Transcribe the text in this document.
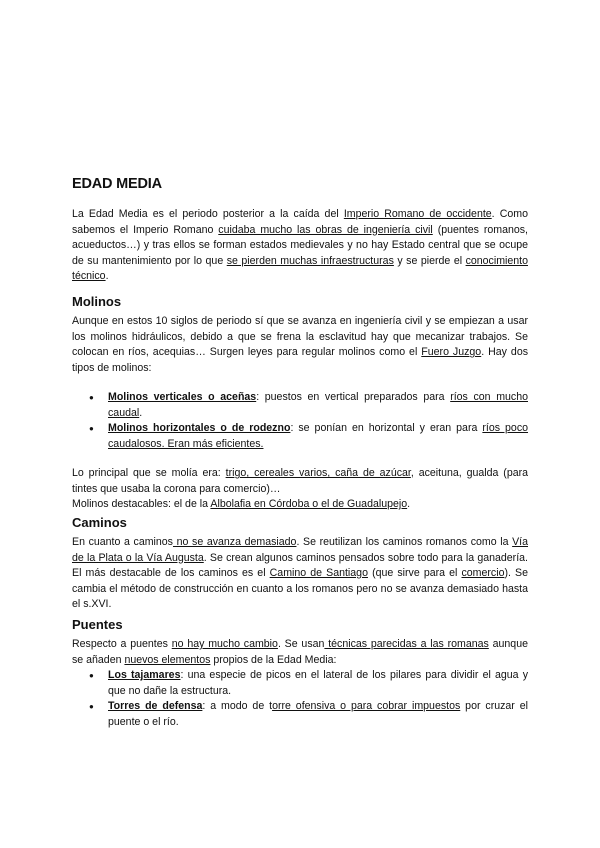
EDAD MEDIA

La Edad Media es el periodo posterior a la caída del Imperio Romano de occidente. Como sabemos el Imperio Romano cuidaba mucho las obras de ingeniería civil (puentes romanos, acueductos…) y tras ellos se forman estados medievales y no hay Estado central que se ocupe de su mantenimiento por lo que se pierden muchas infraestructuras y se pierde el conocimiento técnico.

Molinos

Aunque en estos 10 siglos de periodo sí que se avanza en ingeniería civil y se empiezan a usar los molinos hidráulicos, debido a que se frena la esclavitud hay que mecanizar trabajos. Se colocan en ríos, acequias… Surgen leyes para regular molinos como el Fuero Juzgo. Hay dos tipos de molinos:

● Molinos verticales o aceñas: puestos en vertical preparados para ríos con mucho caudal.
● Molinos horizontales o de rodezno: se ponían en horizontal y eran para ríos poco caudalosos. Eran más eficientes.

Lo principal que se molía era: trigo, cereales varios, caña de azúcar, aceituna, gualda (para tintes que usaba la corona para comercio)…

Molinos destacables: el de la Albolafia en Córdoba o el de Guadalupejo.

Caminos

En cuanto a caminos no se avanza demasiado. Se reutilizan los caminos romanos como la Vía de la Plata o la Vía Augusta. Se crean algunos caminos pensados sobre todo para la ganadería. El más destacable de los caminos es el Camino de Santiago (que sirve para el comercio). Se cambia el método de construcción en cuanto a los romanos pero no se avanza demasiado hasta el s.XVI.

Puentes

Respecto a puentes no hay mucho cambio. Se usan técnicas parecidas a las romanas aunque se añaden nuevos elementos propios de la Edad Media:

● Los tajamares: una especie de picos en el lateral de los pilares para dividir el agua y que no dañe la estructura.
● Torres de defensa: a modo de torre ofensiva o para cobrar impuestos por cruzar el puente o el río.
